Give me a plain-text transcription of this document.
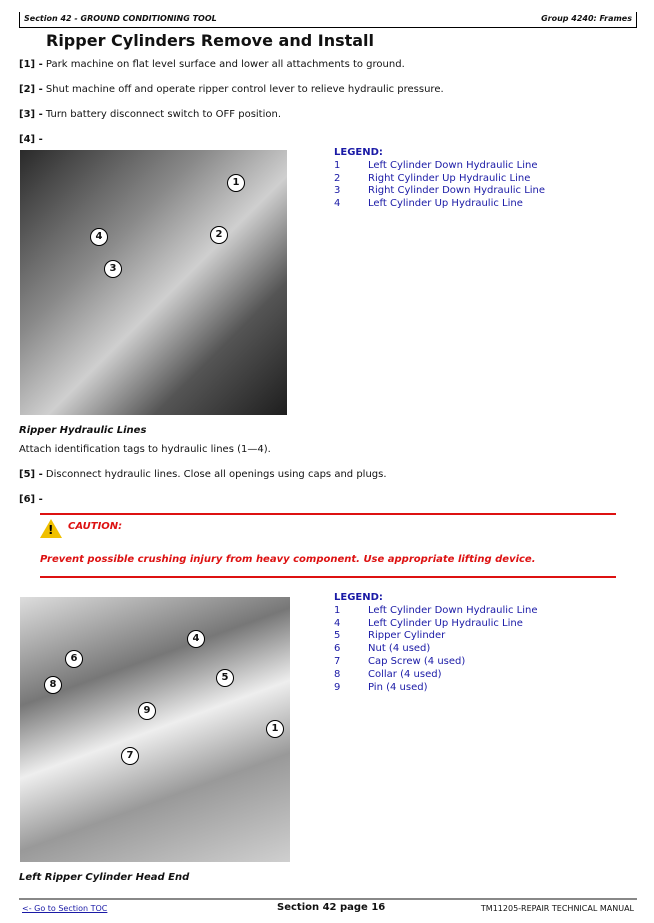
Section 42 - GROUND CONDITIONING TOOL	Group 4240: Frames
Ripper Cylinders Remove and Install
[1] - Park machine on flat level surface and lower all attachments to ground.
[2] - Shut machine off and operate ripper control lever to relieve hydraulic pressure.
[3] - Turn battery disconnect switch to OFF position.
[4] -
1
2
3
4
LEGEND:
1	Left Cylinder Down Hydraulic Line
2	Right Cylinder Up Hydraulic Line
3	Right Cylinder Down Hydraulic Line
4	Left Cylinder Up Hydraulic Line
Ripper Hydraulic Lines
Attach identification tags to hydraulic lines (1—4).
[5] - Disconnect hydraulic lines. Close all openings using caps and plugs.
[6] -
! CAUTION:
Prevent possible crushing injury from heavy component. Use appropriate lifting device.
4
6
5
8
9
1
7
LEGEND:
1	Left Cylinder Down Hydraulic Line
4	Left Cylinder Up Hydraulic Line
5	Ripper Cylinder
6	Nut (4 used)
7	Cap Screw (4 used)
8	Collar (4 used)
9	Pin (4 used)
Left Ripper Cylinder Head End
<- Go to Section TOC	Section 42 page 16	TM11205-REPAIR TECHNICAL MANUAL
